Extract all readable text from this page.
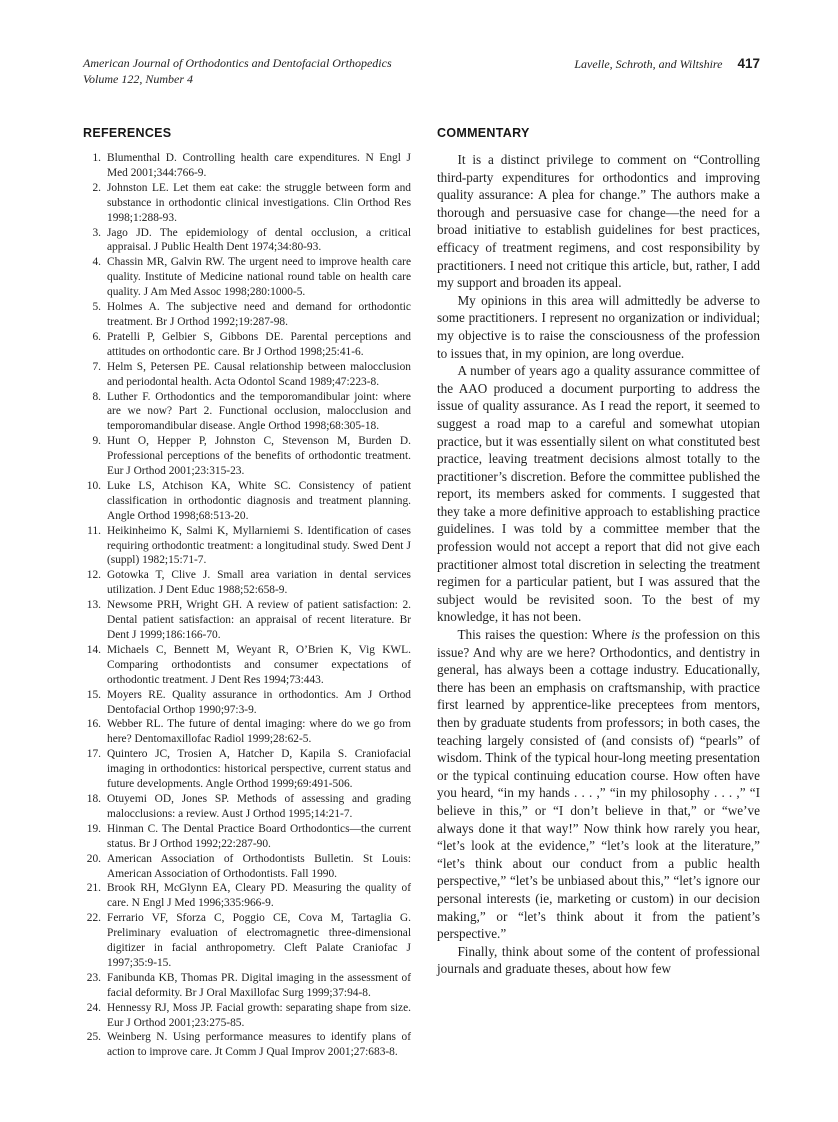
American Journal of Orthodontics and Dentofacial Orthopedics
Volume 122, Number 4
Lavelle, Schroth, and Wiltshire 417
REFERENCES
1. Blumenthal D. Controlling health care expenditures. N Engl J Med 2001;344:766-9.
2. Johnston LE. Let them eat cake: the struggle between form and substance in orthodontic clinical investigations. Clin Orthod Res 1998;1:288-93.
3. Jago JD. The epidemiology of dental occlusion, a critical appraisal. J Public Health Dent 1974;34:80-93.
4. Chassin MR, Galvin RW. The urgent need to improve health care quality. Institute of Medicine national round table on health care quality. J Am Med Assoc 1998;280:1000-5.
5. Holmes A. The subjective need and demand for orthodontic treatment. Br J Orthod 1992;19:287-98.
6. Pratelli P, Gelbier S, Gibbons DE. Parental perceptions and attitudes on orthodontic care. Br J Orthod 1998;25:41-6.
7. Helm S, Petersen PE. Causal relationship between malocclusion and periodontal health. Acta Odontol Scand 1989;47:223-8.
8. Luther F. Orthodontics and the temporomandibular joint: where are we now? Part 2. Functional occlusion, malocclusion and temporomandibular disease. Angle Orthod 1998;68:305-18.
9. Hunt O, Hepper P, Johnston C, Stevenson M, Burden D. Professional perceptions of the benefits of orthodontic treatment. Eur J Orthod 2001;23:315-23.
10. Luke LS, Atchison KA, White SC. Consistency of patient classification in orthodontic diagnosis and treatment planning. Angle Orthod 1998;68:513-20.
11. Heikinheimo K, Salmi K, Myllarniemi S. Identification of cases requiring orthodontic treatment: a longitudinal study. Swed Dent J (suppl) 1982;15:71-7.
12. Gotowka T, Clive J. Small area variation in dental services utilization. J Dent Educ 1988;52:658-9.
13. Newsome PRH, Wright GH. A review of patient satisfaction: 2. Dental patient satisfaction: an appraisal of recent literature. Br Dent J 1999;186:166-70.
14. Michaels C, Bennett M, Weyant R, O’Brien K, Vig KWL. Comparing orthodontists and consumer expectations of orthodontic treatment. J Dent Res 1994;73:443.
15. Moyers RE. Quality assurance in orthodontics. Am J Orthod Dentofacial Orthop 1990;97:3-9.
16. Webber RL. The future of dental imaging: where do we go from here? Dentomaxillofac Radiol 1999;28:62-5.
17. Quintero JC, Trosien A, Hatcher D, Kapila S. Craniofacial imaging in orthodontics: historical perspective, current status and future developments. Angle Orthod 1999;69:491-506.
18. Otuyemi OD, Jones SP. Methods of assessing and grading malocclusions: a review. Aust J Orthod 1995;14:21-7.
19. Hinman C. The Dental Practice Board Orthodontics—the current status. Br J Orthod 1992;22:287-90.
20. American Association of Orthodontists Bulletin. St Louis: American Association of Orthodontists. Fall 1990.
21. Brook RH, McGlynn EA, Cleary PD. Measuring the quality of care. N Engl J Med 1996;335:966-9.
22. Ferrario VF, Sforza C, Poggio CE, Cova M, Tartaglia G. Preliminary evaluation of electromagnetic three-dimensional digitizer in facial anthropometry. Cleft Palate Craniofac J 1997;35:9-15.
23. Fanibunda KB, Thomas PR. Digital imaging in the assessment of facial deformity. Br J Oral Maxillofac Surg 1999;37:94-8.
24. Hennessy RJ, Moss JP. Facial growth: separating shape from size. Eur J Orthod 2001;23:275-85.
25. Weinberg N. Using performance measures to identify plans of action to improve care. Jt Comm J Qual Improv 2001;27:683-8.
COMMENTARY

It is a distinct privilege to comment on “Controlling third-party expenditures for orthodontics and improving quality assurance: A plea for change.” The authors make a thorough and persuasive case for change—the need for a broad initiative to establish guidelines for best practices, efficacy of treatment regimens, and cost responsibility by practitioners. I need not critique this article, but, rather, I add my support and broaden its appeal.

My opinions in this area will admittedly be adverse to some practitioners. I represent no organization or individual; my objective is to raise the consciousness of the profession to issues that, in my opinion, are long overdue.

A number of years ago a quality assurance committee of the AAO produced a document purporting to address the issue of quality assurance. As I read the report, it seemed to suggest a road map to a careful and somewhat utopian practice, but it was essentially silent on what constituted best practice, leaving treatment decisions almost totally to the practitioner’s discretion. Before the committee published the report, its members asked for comments. I suggested that they take a more definitive approach to establishing practice guidelines. I was told by a committee member that the profession would not accept a report that did not give each practitioner almost total discretion in selecting the treatment regimen for a particular patient, but I was assured that the subject would be revisited soon. To the best of my knowledge, it has not been.

This raises the question: Where is the profession on this issue? And why are we here? Orthodontics, and dentistry in general, has always been a cottage industry. Educationally, there has been an emphasis on craftsmanship, with practice first learned by apprentice-like preceptees from mentors, then by graduate students from professors; in both cases, the teaching largely consisted of (and consists of) “pearls” of wisdom. Think of the typical hour-long meeting presentation or the typical continuing education course. How often have you heard, “in my hands . . . ,” “in my philosophy . . . ,” “I believe in this,” or “I don’t believe in that,” or “we’ve always done it that way!” Now think how rarely you hear, “let’s look at the evidence,” “let’s look at the literature,” “let’s think about our conduct from a public health perspective,” “let’s be unbiased about this,” “let’s ignore our personal interests (ie, marketing or custom) in our decision making,” or “let’s think about it from the patient’s perspective.”

Finally, think about some of the content of professional journals and graduate theses, about how few
